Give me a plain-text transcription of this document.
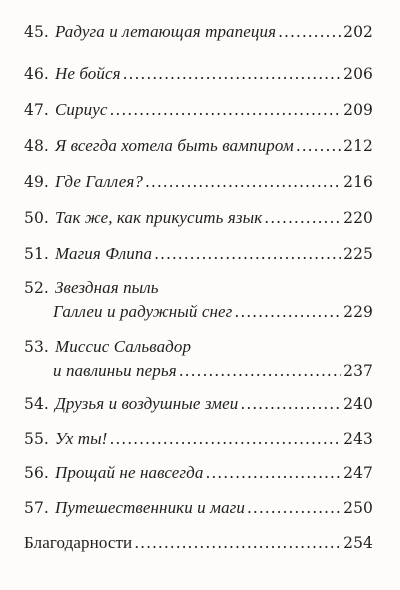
45. Радуга и летающая трапеция .....	202
46. Не бойся .....	206
47. Сириус .....	209
48. Я всегда хотела быть вампиром .....	212
49. Где Галлея? .....	216
50. Так же, как прикусить язык .....	220
51. Магия Флипа .....	225
52. Звездная пыль
Галлеи и радужный снег .....	229
53. Миссис Сальвадор
и павлиньи перья .....	237
54. Друзья и воздушные змеи .....	240
55. Ух ты! .....	243
56. Прощай не навсегда .....	247
57. Путешественники и маги .....	250
Благодарности .....	254
